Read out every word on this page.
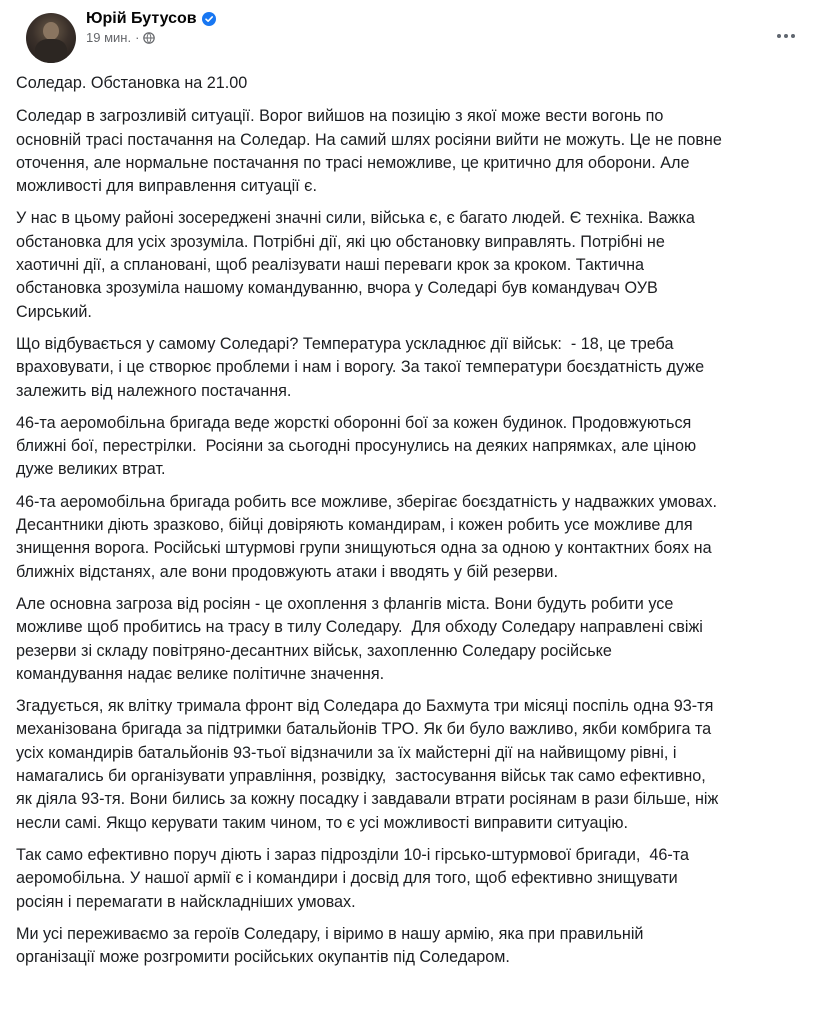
Юрій Бутусов
19 мин. ·

Соледар. Обстановка на 21.00

Соледар в загрозливій ситуації. Ворог вийшов на позицію з якої може вести вогонь по
основній трасі постачання на Соледар. На самий шлях росіяни вийти не можуть. Це не повне
оточення, але нормальне постачання по трасі неможливе, це критично для оборони. Але
можливості для виправлення ситуації є.

У нас в цьому районі зосереджені значні сили, війська є, є багато людей. Є техніка. Важка
обстановка для усіх зрозуміла. Потрібні дії, які цю обстановку виправлять. Потрібні не
хаотичні дії, а сплановані, щоб реалізувати наші переваги крок за кроком. Тактична
обстановка зрозуміла нашому командуванню, вчора у Соледарі був командувач ОУВ
Сирський.

Що відбувається у самому Соледарі? Температура ускладнює дії військ:  - 18, це треба
враховувати, і це створює проблеми і нам і ворогу. За такої температури боєздатність дуже
залежить від належного постачання.

46-та аеромобільна бригада веде жорсткі оборонні бої за кожен будинок. Продовжуються
ближні бої, перестрілки.  Росіяни за сьогодні просунулись на деяких напрямках, але ціною
дуже великих втрат.

46-та аеромобільна бригада робить все можливе, зберігає боєздатність у надважких умовах.
Десантники діють зразково, бійці довіряють командирам, і кожен робить усе можливе для
знищення ворога. Російські штурмові групи знищуються одна за одною у контактних боях на
ближніх відстанях, але вони продовжують атаки і вводять у бій резерви.

Але основна загроза від росіян - це охоплення з флангів міста. Вони будуть робити усе
можливе щоб пробитись на трасу в тилу Соледару.  Для обходу Соледару направлені свіжі
резерви зі складу повітряно-десантних військ, захопленню Соледару російське
командування надає велике політичне значення.

Згадується, як влітку тримала фронт від Соледара до Бахмута три місяці поспіль одна 93-тя
механізована бригада за підтримки батальйонів ТРО. Як би було важливо, якби комбрига та
усіх командирів батальйонів 93-тьої відзначили за їх майстерні дії на найвищому рівні, і
намагались би організувати управління, розвідку,  застосування військ так само ефективно,
як діяла 93-тя. Вони бились за кожну посадку і завдавали втрати росіянам в рази більше, ніж
несли самі. Якщо керувати таким чином, то є усі можливості виправити ситуацію.

Так само ефективно поруч діють і зараз підрозділи 10-і гірсько-штурмової бригади,  46-та
аеромобільна. У нашої армії є і командири і досвід для того, щоб ефективно знищувати
росіян і перемагати в найскладніших умовах.

Ми усі переживаємо за героїв Соледару, і віримо в нашу армію, яка при правильній
організації може розгромити російських окупантів під Соледаром.
